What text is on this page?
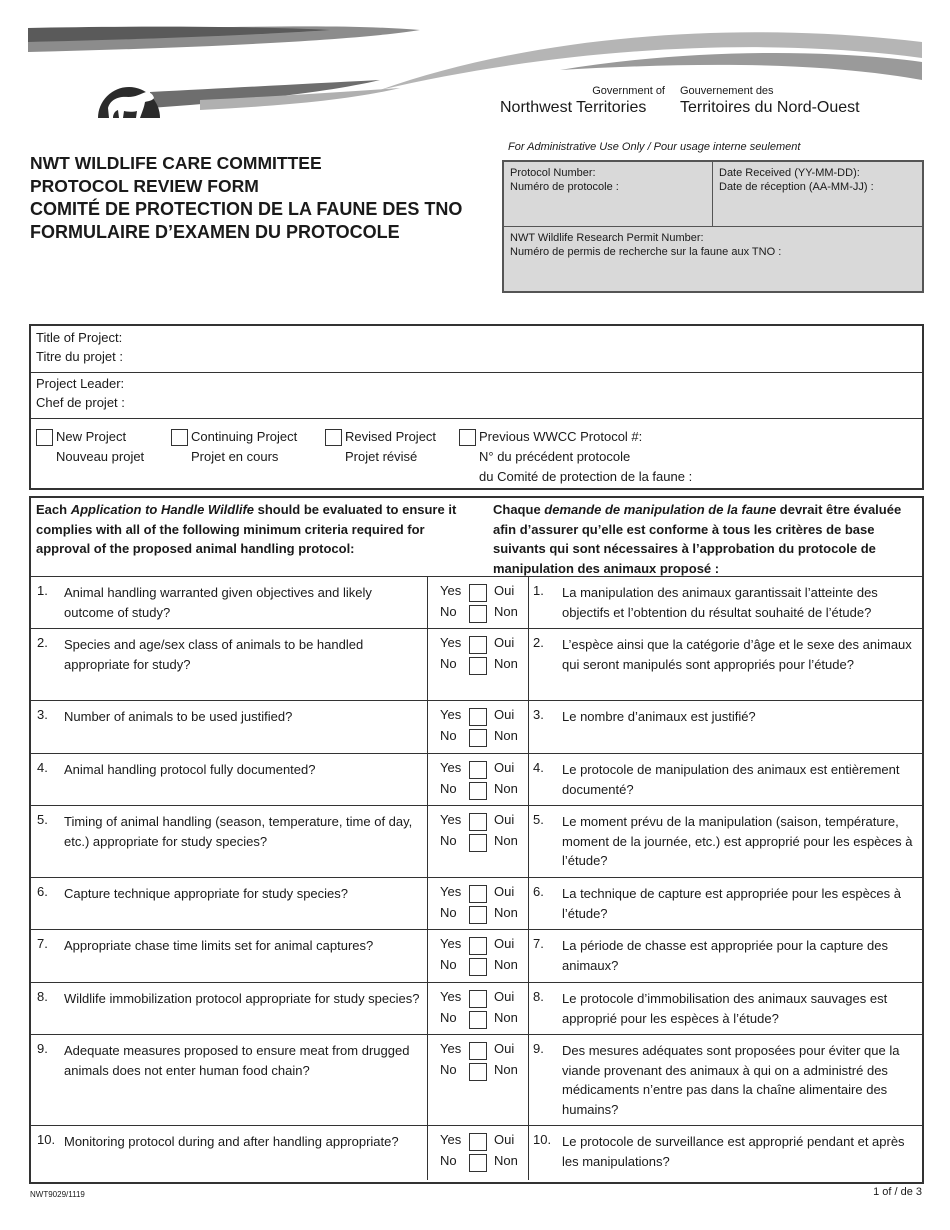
Government of
Northwest Territories
Gouvernement des
Territoires du Nord-Ouest
NWT WILDLIFE CARE COMMITTEE
PROTOCOL REVIEW FORM
COMITÉ DE PROTECTION DE LA FAUNE DES TNO
FORMULAIRE D’EXAMEN DU PROTOCOLE
For Administrative Use Only / Pour usage interne seulement
Protocol Number:
Numéro de protocole :
Date Received (YY-MM-DD):
Date de réception (AA-MM-JJ) :
NWT Wildlife Research Permit Number:
Numéro de permis de recherche sur la faune aux TNO :
Title of Project:
Titre du projet :
Project Leader:
Chef de projet :
New Project
Nouveau projet
Continuing Project
Projet en cours
Revised Project
Projet révisé
Previous WWCC Protocol #:
N° du précédent protocole
du Comité de protection de la faune :
Each Application to Handle Wildlife should be evaluated to ensure it complies with all of the following minimum criteria required for approval of the proposed animal handling protocol:
Chaque demande de manipulation de la faune devrait être évaluée afin d’assurer qu’elle est conforme à tous les critères de base suivants qui sont nécessaires à l’approbation du protocole de manipulation des animaux proposé :
1. Animal handling warranted given objectives and likely outcome of study?
Yes	Oui
No	Non
1. La manipulation des animaux garantissait l’atteinte des objectifs et l’obtention du résultat souhaité de l’étude?
2. Species and age/sex class of animals to be handled appropriate for study?
Yes	Oui
No	Non
2. L’espèce ainsi que la catégorie d’âge et le sexe des animaux qui seront manipulés sont appropriés pour l’étude?
3. Number of animals to be used justified?	Yes	Oui
No	Non
3. Le nombre d’animaux est justifié?
4. Animal handling protocol fully documented?	Yes	Oui
No	Non
4. Le protocole de manipulation des animaux est entièrement documenté?
5. Timing of animal handling (season, temperature, time of day, etc.) appropriate for study species?
Yes	Oui
No	Non
5. Le moment prévu de la manipulation (saison, température, moment de la journée, etc.) est approprié pour les espèces à l’étude?
6. Capture technique appropriate for study species?	Yes	Oui
No	Non
6. La technique de capture est appropriée pour les espèces à l’étude?
7. Appropriate chase time limits set for animal captures?	Yes	Oui
No	Non
7. La période de chasse est appropriée pour la capture des animaux?
8. Wildlife immobilization protocol appropriate for study species?	Yes	Oui
No	Non
8. Le protocole d’immobilisation des animaux sauvages est approprié pour les espèces à l’étude?
9. Adequate measures proposed to ensure meat from drugged animals does not enter human food chain?
Yes	Oui
No	Non
9. Des mesures adéquates sont proposées pour éviter que la viande provenant des animaux à qui on a administré des médicaments n’entre pas dans la chaîne alimentaire des humains?
10. Monitoring protocol during and after handling appropriate?	Yes	Oui
No	Non
10. Le protocole de surveillance est approprié pendant et après les manipulations?
NWT9029/1119	1 of / de 3
